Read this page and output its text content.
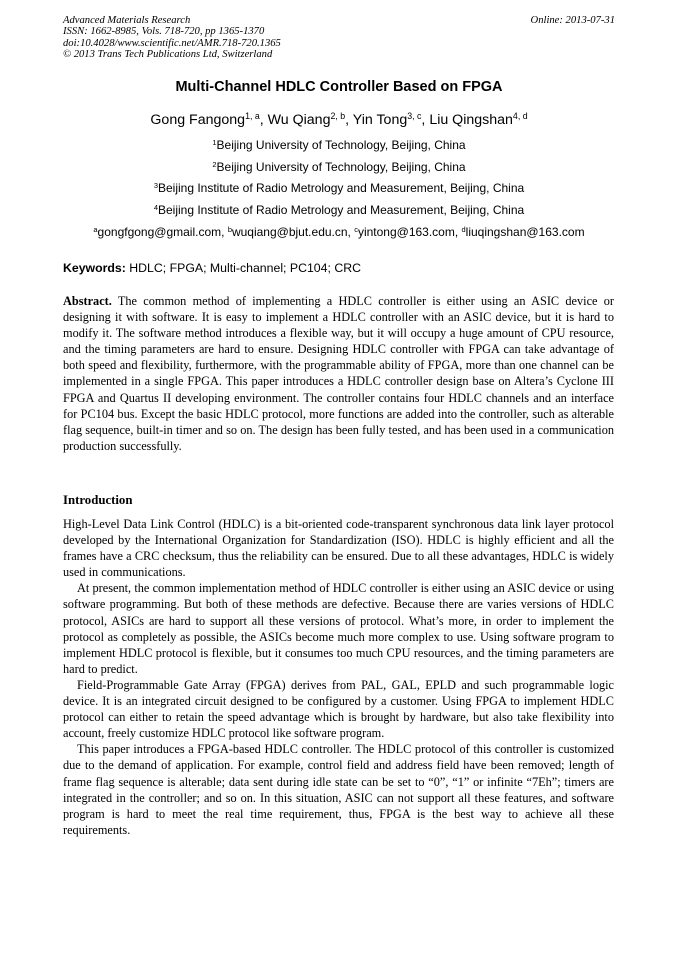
Advanced Materials Research
ISSN: 1662-8985, Vols. 718-720, pp 1365-1370
doi:10.4028/www.scientific.net/AMR.718-720.1365
© 2013 Trans Tech Publications Ltd, Switzerland
Online: 2013-07-31
Multi-Channel HDLC Controller Based on FPGA
Gong Fangong$^{1, a}$, Wu Qiang$^{2, b}$, Yin Tong$^{3, c}$, Liu Qingshan$^{4, d}$
$^1$Beijing University of Technology, Beijing, China
$^2$Beijing University of Technology, Beijing, China
$^3$Beijing Institute of Radio Metrology and Measurement, Beijing, China
$^4$Beijing Institute of Radio Metrology and Measurement, Beijing, China
$^a$gongfgong@gmail.com, $^b$wuqiang@bjut.edu.cn, $^c$yintong@163.com, $^d$liuqingshan@163.com
Keywords: HDLC; FPGA; Multi-channel; PC104; CRC

Abstract. The common method of implementing a HDLC controller is either using an ASIC device or designing it with software. It is easy to implement a HDLC controller with an ASIC device, but it is hard to modify it. The software method introduces a flexible way, but it will occupy a huge amount of CPU resource, and the timing parameters are hard to ensure. Designing HDLC controller with FPGA can take advantage of both speed and flexibility, furthermore, with the programmable ability of FPGA, more than one channel can be implemented in a single FPGA. This paper introduces a HDLC controller design base on Altera’s Cyclone III FPGA and Quartus II developing environment. The controller contains four HDLC channels and an interface for PC104 bus. Except the basic HDLC protocol, more functions are added into the controller, such as alterable flag sequence, built-in timer and so on. The design has been fully tested, and has been used in a communication production successfully.

Introduction

High-Level Data Link Control (HDLC) is a bit-oriented code-transparent synchronous data link layer protocol developed by the International Organization for Standardization (ISO). HDLC is highly efficient and all the frames have a CRC checksum, thus the reliability can be ensured. Due to all these advantages, HDLC is widely used in communications.

At present, the common implementation method of HDLC controller is either using an ASIC device or using software programming. But both of these methods are defective. Because there are varies versions of HDLC protocol, ASICs are hard to support all these versions of protocol. What’s more, in order to implement the protocol as completely as possible, the ASICs become much more complex to use. Using software program to implement HDLC protocol is flexible, but it consumes too much CPU resources, and the timing parameters are hard to predict.

Field-Programmable Gate Array (FPGA) derives from PAL, GAL, EPLD and such programmable logic device. It is an integrated circuit designed to be configured by a customer. Using FPGA to implement HDLC protocol can either to retain the speed advantage which is brought by hardware, but also take flexibility into account, freely customize HDLC protocol like software program.

This paper introduces a FPGA-based HDLC controller. The HDLC protocol of this controller is customized due to the demand of application. For example, control field and address field have been removed; length of frame flag sequence is alterable; data sent during idle state can be set to “0”, “1” or infinite “7Eh”; timers are integrated in the controller; and so on. In this situation, ASIC can not support all these features, and software program is hard to meet the real time requirement, thus, FPGA is the best way to achieve all these requirements.
